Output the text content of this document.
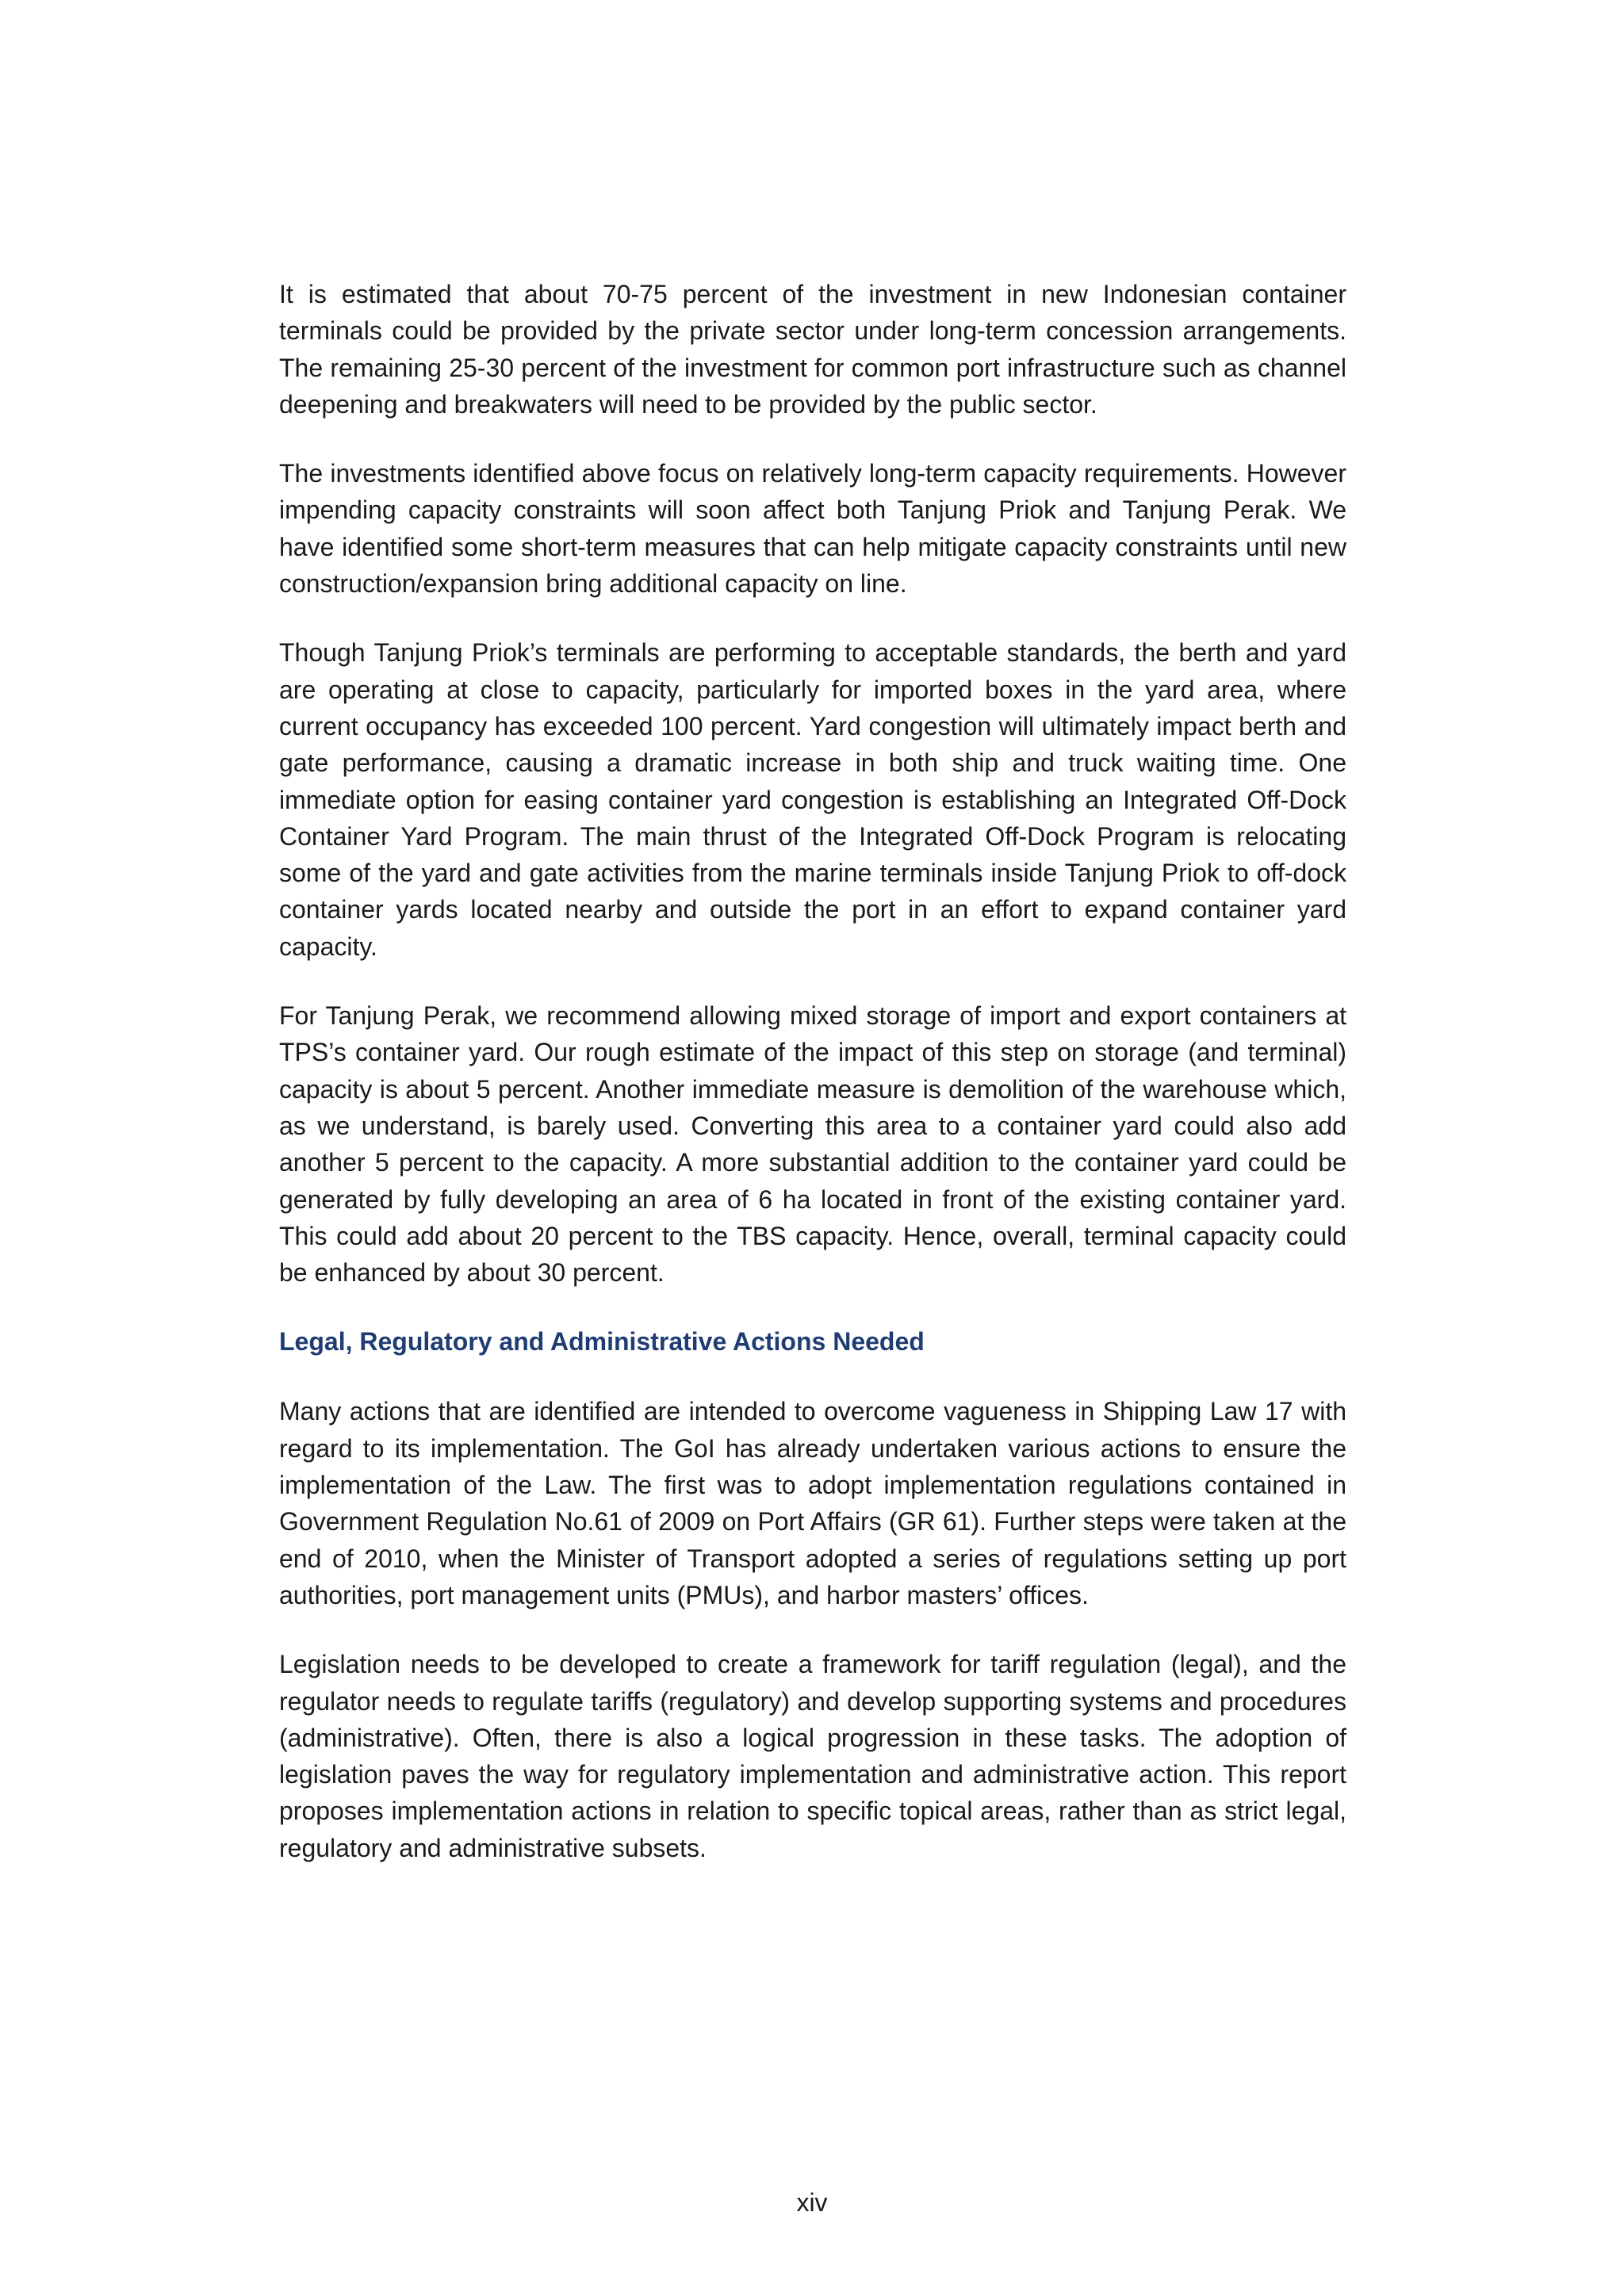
It is estimated that about 70-75 percent of the investment in new Indonesian container terminals could be provided by the private sector under long-term concession arrangements. The remaining 25-30 percent of the investment for common port infrastructure such as channel deepening and breakwaters will need to be provided by the public sector.

The investments identified above focus on relatively long-term capacity requirements. However impending capacity constraints will soon affect both Tanjung Priok and Tanjung Perak. We have identified some short-term measures that can help mitigate capacity constraints until new construction/expansion bring additional capacity on line.

Though Tanjung Priok’s terminals are performing to acceptable standards, the berth and yard are operating at close to capacity, particularly for imported boxes in the yard area, where current occupancy has exceeded 100 percent. Yard congestion will ultimately impact berth and gate performance, causing a dramatic increase in both ship and truck waiting time. One immediate option for easing container yard congestion is establishing an Integrated Off-Dock Container Yard Program. The main thrust of the Integrated Off-Dock Program is relocating some of the yard and gate activities from the marine terminals inside Tanjung Priok to off-dock container yards located nearby and outside the port in an effort to expand container yard capacity.

For Tanjung Perak, we recommend allowing mixed storage of import and export containers at TPS’s container yard. Our rough estimate of the impact of this step on storage (and terminal) capacity is about 5 percent. Another immediate measure is demolition of the warehouse which, as we understand, is barely used. Converting this area to a container yard could also add another 5 percent to the capacity. A more substantial addition to the container yard could be generated by fully developing an area of 6 ha located in front of the existing container yard. This could add about 20 percent to the TBS capacity. Hence, overall, terminal capacity could be enhanced by about 30 percent.

Legal, Regulatory and Administrative Actions Needed

Many actions that are identified are intended to overcome vagueness in Shipping Law 17 with regard to its implementation. The GoI has already undertaken various actions to ensure the implementation of the Law. The first was to adopt implementation regulations contained in Government Regulation No.61 of 2009 on Port Affairs (GR 61). Further steps were taken at the end of 2010, when the Minister of Transport adopted a series of regulations setting up port authorities, port management units (PMUs), and harbor masters’ offices.

Legislation needs to be developed to create a framework for tariff regulation (legal), and the regulator needs to regulate tariffs (regulatory) and develop supporting systems and procedures (administrative). Often, there is also a logical progression in these tasks. The adoption of legislation paves the way for regulatory implementation and administrative action. This report proposes implementation actions in relation to specific topical areas, rather than as strict legal, regulatory and administrative subsets.

xiv
